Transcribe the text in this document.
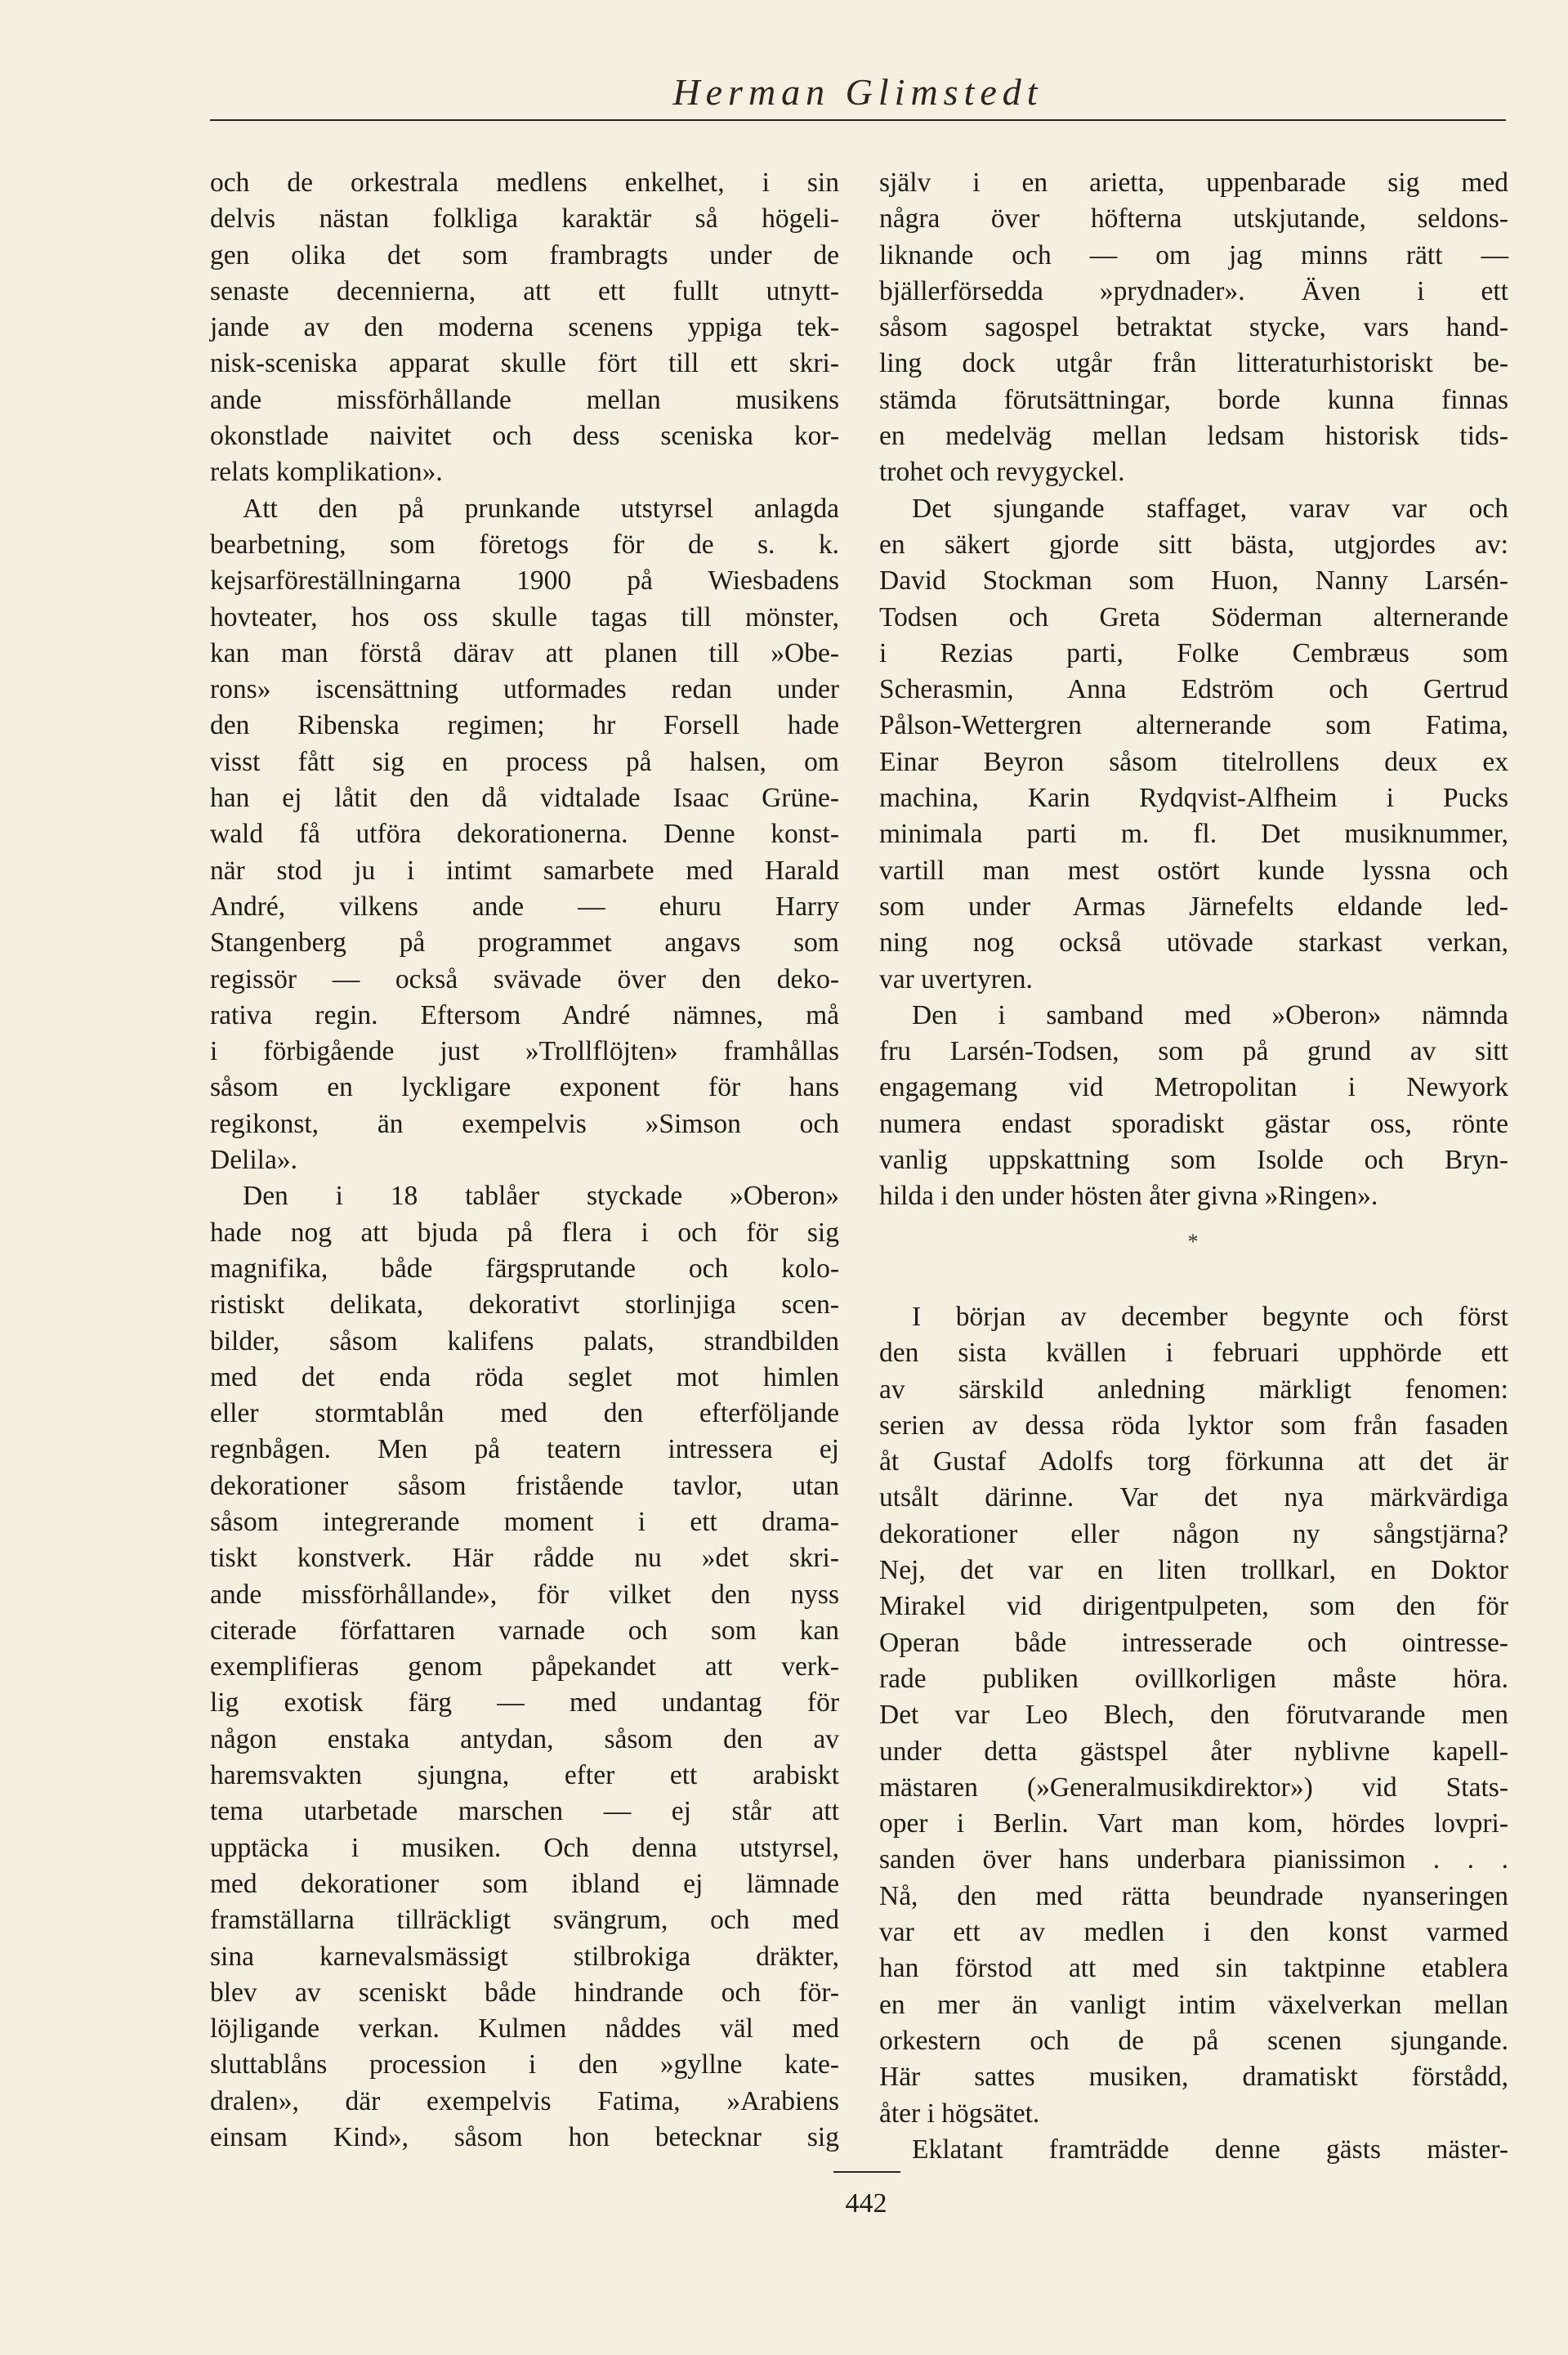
Herman Glimstedt
och de orkestrala medlens enkelhet, i sin
delvis nästan folkliga karaktär så högeli-
gen olika det som frambragts under de
senaste decennierna, att ett fullt utnytt-
jande av den moderna scenens yppiga tek-
nisk-sceniska apparat skulle fört till ett skri-
ande missförhållande mellan musikens
okonstlade naivitet och dess sceniska kor-
relats komplikation».
Att den på prunkande utstyrsel anlagda
bearbetning, som företogs för de s. k.
kejsarföreställningarna 1900 på Wiesbadens
hovteater, hos oss skulle tagas till mönster,
kan man förstå därav att planen till »Obe-
rons» iscensättning utformades redan under
den Ribenska regimen; hr Forsell hade
visst fått sig en process på halsen, om
han ej låtit den då vidtalade Isaac Grüne-
wald få utföra dekorationerna. Denne konst-
när stod ju i intimt samarbete med Harald
André, vilkens ande — ehuru Harry
Stangenberg på programmet angavs som
regissör — också svävade över den deko-
rativa regin. Eftersom André nämnes, må
i förbigående just »Trollflöjten» framhållas
såsom en lyckligare exponent för hans
regikonst, än exempelvis »Simson och
Delila».
Den i 18 tablåer styckade »Oberon»
hade nog att bjuda på flera i och för sig
magnifika, både färgsprutande och kolo-
ristiskt delikata, dekorativt storlinjiga scen-
bilder, såsom kalifens palats, strandbilden
med det enda röda seglet mot himlen
eller stormtablån med den efterföljande
regnbågen. Men på teatern intressera ej
dekorationer såsom fristående tavlor, utan
såsom integrerande moment i ett drama-
tiskt konstverk. Här rådde nu »det skri-
ande missförhållande», för vilket den nyss
citerade författaren varnade och som kan
exemplifieras genom påpekandet att verk-
lig exotisk färg — med undantag för
någon enstaka antydan, såsom den av
haremsvakten sjungna, efter ett arabiskt
tema utarbetade marschen — ej står att
upptäcka i musiken. Och denna utstyrsel,
med dekorationer som ibland ej lämnade
framställarna tillräckligt svängrum, och med
sina karnevalsmässigt stilbrokiga dräkter,
blev av sceniskt både hindrande och för-
löjligande verkan. Kulmen nåddes väl med
sluttablåns procession i den »gyllne kate-
dralen», där exempelvis Fatima, »Arabiens
einsam Kind», såsom hon betecknar sig
själv i en arietta, uppenbarade sig med
några över höfterna utskjutande, seldons-
liknande och — om jag minns rätt —
bjällerförsedda »prydnader». Även i ett
såsom sagospel betraktat stycke, vars hand-
ling dock utgår från litteraturhistoriskt be-
stämda förutsättningar, borde kunna finnas
en medelväg mellan ledsam historisk tids-
trohet och revygyckel.
Det sjungande staffaget, varav var och
en säkert gjorde sitt bästa, utgjordes av:
David Stockman som Huon, Nanny Larsén-
Todsen och Greta Söderman alternerande
i Rezias parti, Folke Cembræus som
Scherasmin, Anna Edström och Gertrud
Pålson-Wettergren alternerande som Fatima,
Einar Beyron såsom titelrollens deux ex
machina, Karin Rydqvist-Alfheim i Pucks
minimala parti m. fl. Det musiknummer,
vartill man mest ostört kunde lyssna och
som under Armas Järnefelts eldande led-
ning nog också utövade starkast verkan,
var uvertyren.
Den i samband med »Oberon» nämnda
fru Larsén-Todsen, som på grund av sitt
engagemang vid Metropolitan i Newyork
numera endast sporadiskt gästar oss, rönte
vanlig uppskattning som Isolde och Bryn-
hilda i den under hösten åter givna »Ringen».
*
I början av december begynte och först
den sista kvällen i februari upphörde ett
av särskild anledning märkligt fenomen:
serien av dessa röda lyktor som från fasaden
åt Gustaf Adolfs torg förkunna att det är
utsålt därinne. Var det nya märkvärdiga
dekorationer eller någon ny sångstjärna?
Nej, det var en liten trollkarl, en Doktor
Mirakel vid dirigentpulpeten, som den för
Operan både intresserade och ointresse-
rade publiken ovillkorligen måste höra.
Det var Leo Blech, den förutvarande men
under detta gästspel åter nyblivne kapell-
mästaren (»Generalmusikdirektor») vid Stats-
oper i Berlin. Vart man kom, hördes lovpri-
sanden över hans underbara pianissimon . . .
Nå, den med rätta beundrade nyanseringen
var ett av medlen i den konst varmed
han förstod att med sin taktpinne etablera
en mer än vanligt intim växelverkan mellan
orkestern och de på scenen sjungande.
Här sattes musiken, dramatiskt förstådd,
åter i högsätet.
Eklatant framträdde denne gästs mäster-
442
